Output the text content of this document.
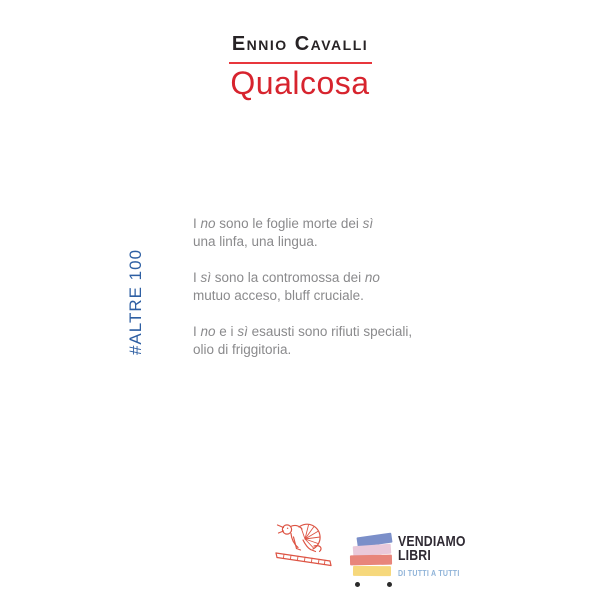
Ennio Cavalli
Qualcosa
#ALTRE 100

I no sono le foglie morte dei sì
una linfa, una lingua.

I sì sono la contromossa dei no
mutuo acceso, bluff cruciale.

I no e i sì esausti sono rifiuti speciali,
olio di friggitoria.

VENDIAMO
LIBRI
DI TUTTI A TUTTI
